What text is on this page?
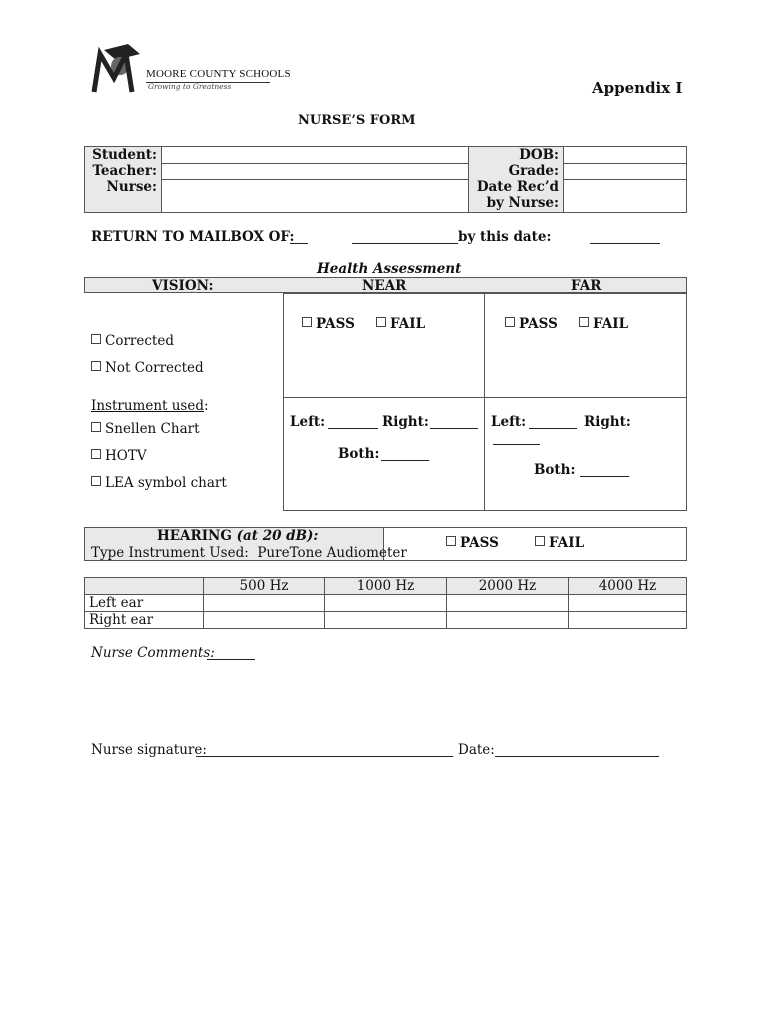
MOORE COUNTY SCHOOLS
Growing to Greatness	Appendix I
NURSE’S FORM
Student:		DOB:	
Teacher:		Grade:	
Nurse:		Date Rec’d
by Nurse:	
RETURN TO MAILBOX OF:	by this date:
Health Assessment
VISION:	NEAR	FAR
PASS	FAIL	PASS	FAIL
Left:	Right:
Both:
Left:	Right:
Both:
Corrected
Not Corrected
Instrument used:
Snellen Chart
HOTV
LEA symbol chart
HEARING (at 20 dB):
Type Instrument Used:  PureTone Audiometer
PASS	FAIL
	500 Hz	1000 Hz	2000 Hz	4000 Hz
Left ear				
Right ear				
Nurse Comments:
Nurse signature:	Date:
